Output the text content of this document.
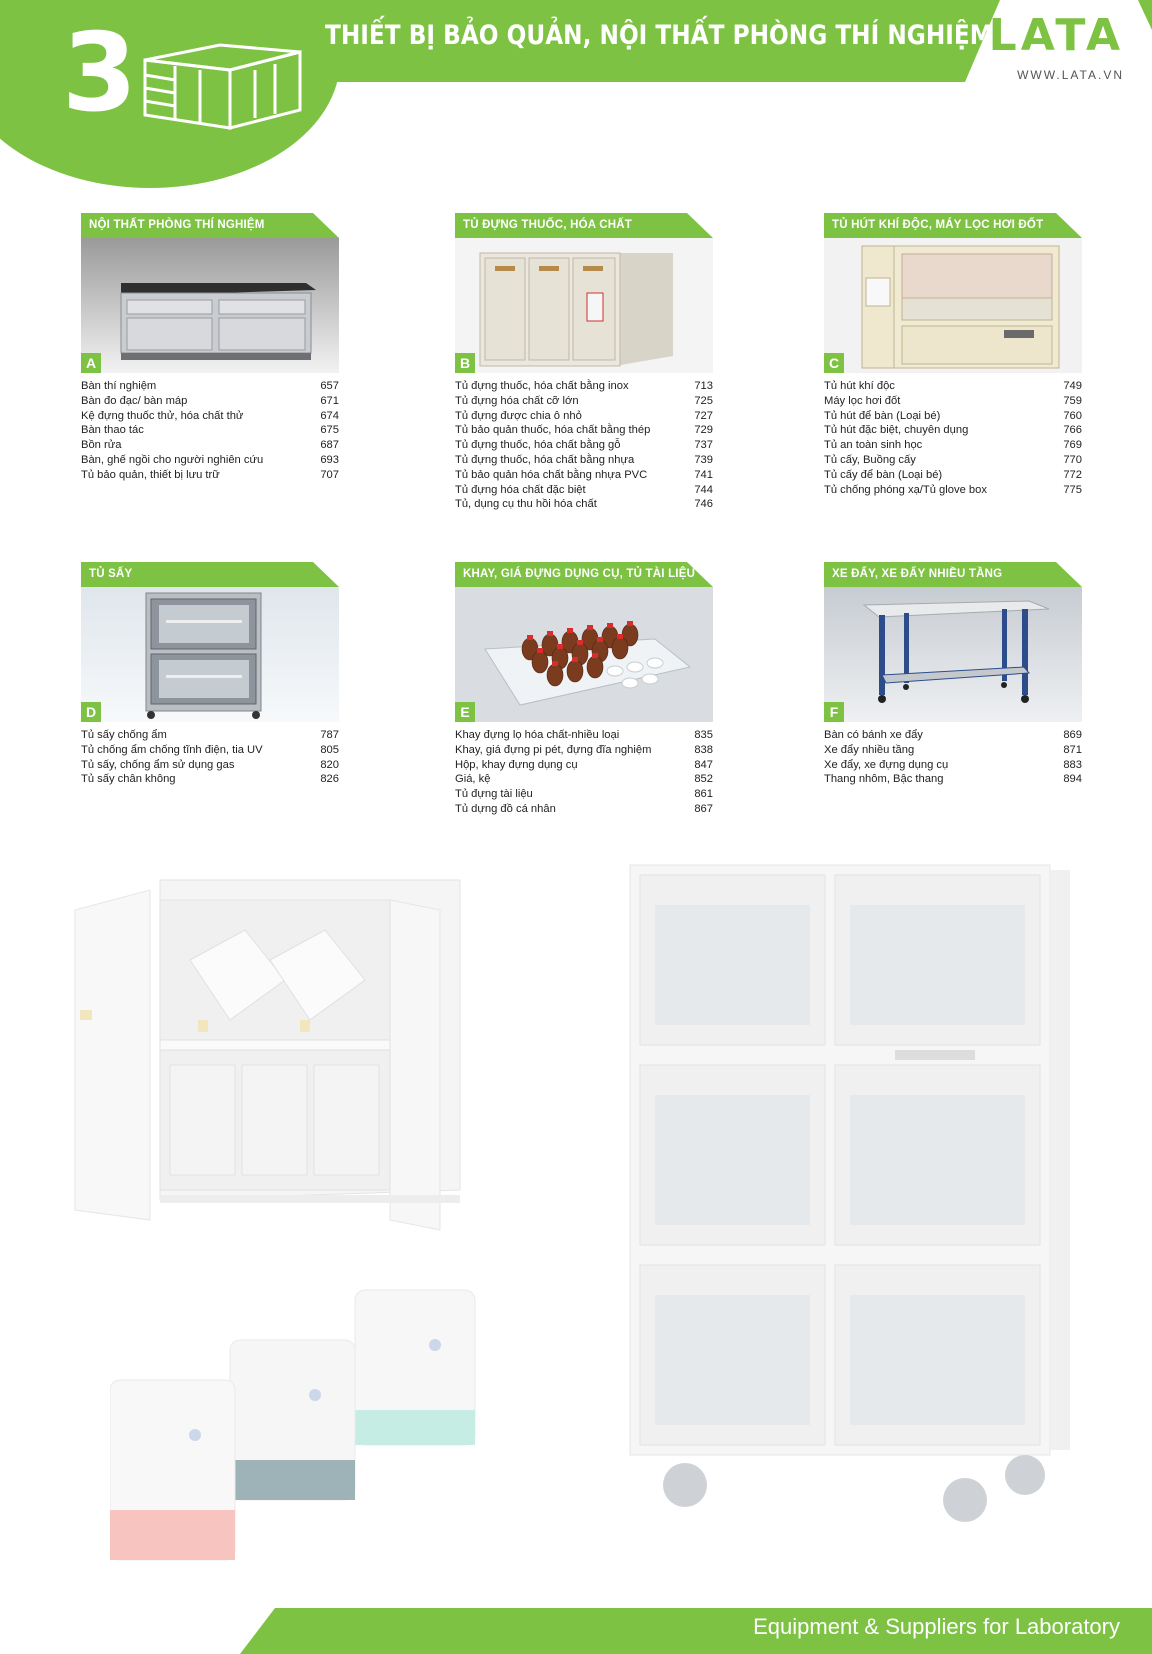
3	THIẾT BỊ BẢO QUẢN, NỘI THẤT PHÒNG THÍ NGHIỆM
LATA
WWW.LATA.VN
NỘI THẤT PHÒNG THÍ NGHIỆM
A
Bàn thí nghiệm	657
Bàn đo đạc/ bàn máp	671
Kệ đựng thuốc thử, hóa chất thử	674
Bàn thao tác	675
Bồn rửa	687
Bàn, ghế ngồi cho người nghiên cứu	693
Tủ bảo quản, thiết bị lưu trữ	707
TỦ ĐỰNG THUỐC, HÓA CHẤT
B
Tủ đựng thuốc, hóa chất bằng inox	713
Tủ đựng hóa chất cỡ lớn	725
Tủ đựng được chia ô nhỏ	727
Tủ bảo quản thuốc, hóa chất bằng thép	729
Tủ đựng thuốc, hóa chất bằng gỗ	737
Tủ đựng thuốc, hóa chất bằng nhựa	739
Tủ bảo quản hóa chất bằng nhựa PVC	741
Tủ đựng hóa chất đặc biệt	744
Tủ, dụng cụ thu hồi hóa chất	746
TỦ HÚT KHÍ ĐỘC, MÁY LỌC HƠI ĐỐT
C
Tủ hút khí độc	749
Máy lọc hơi đốt	759
Tủ hút để bàn (Loại bé)	760
Tủ hút đặc biệt, chuyên dụng	766
Tủ an toàn sinh học	769
Tủ cấy, Buồng cấy	770
Tủ cấy để bàn (Loại bé)	772
Tủ chống phóng xạ/Tủ glove box	775
TỦ SẤY
D
Tủ sấy chống ẩm	787
Tủ chống ẩm chống tĩnh điện, tia UV	805
Tủ sấy, chống ẩm sử dụng gas	820
Tủ sấy chân không	826
KHAY, GIÁ ĐỰNG DỤNG CỤ, TỦ TÀI LIỆU
E
Khay đựng lọ hóa chất-nhiều loại	835
Khay, giá đựng pi pét, đựng đĩa nghiệm	838
Hộp, khay đựng dụng cụ	847
Giá, kệ	852
Tủ đựng tài liệu	861
Tủ dựng đồ cá nhân	867
XE ĐẨY, XE ĐẨY NHIỀU TẦNG
F
Bàn có bánh xe đẩy	869
Xe đẩy nhiều tầng	871
Xe đẩy, xe đựng dụng cụ	883
Thang nhôm, Bậc thang	894
Equipment & Suppliers for Laboratory
